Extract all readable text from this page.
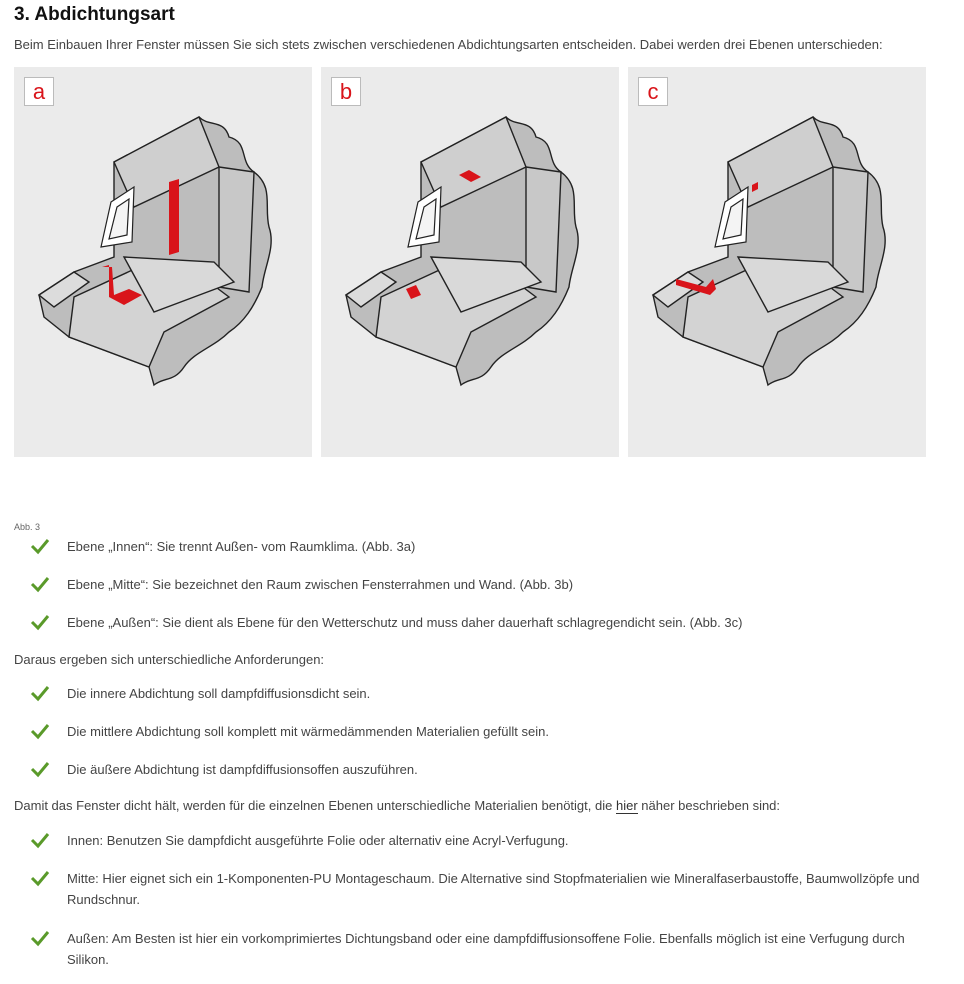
3. Abdichtungsart
Beim Einbauen Ihrer Fenster müssen Sie sich stets zwischen verschiedenen Abdichtungsarten entscheiden. Dabei werden drei Ebenen unterschieden:
a	b	c
Abb. 3
Ebene „Innen“: Sie trennt Außen- vom Raumklima. (Abb. 3a)
Ebene „Mitte“: Sie bezeichnet den Raum zwischen Fensterrahmen und Wand. (Abb. 3b)
Ebene „Außen“: Sie dient als Ebene für den Wetterschutz und muss daher dauerhaft schlagregendicht sein. (Abb. 3c)
Daraus ergeben sich unterschiedliche Anforderungen:
Die innere Abdichtung soll dampfdiffusionsdicht sein.
Die mittlere Abdichtung soll komplett mit wärmedämmenden Materialien gefüllt sein.
Die äußere Abdichtung ist dampfdiffusionsoffen auszuführen.
Damit das Fenster dicht hält, werden für die einzelnen Ebenen unterschiedliche Materialien benötigt, die hier näher beschrieben sind:
Innen: Benutzen Sie dampfdicht ausgeführte Folie oder alternativ eine Acryl-Verfugung.
Mitte: Hier eignet sich ein 1-Komponenten-PU Montageschaum. Die Alternative sind Stopfmaterialien wie Mineralfaserbaustoffe, Baumwollzöpfe und Rundschnur.
Außen: Am Besten ist hier ein vorkomprimiertes Dichtungsband oder eine dampfdiffusionsoffene Folie. Ebenfalls möglich ist eine Verfugung durch Silikon.
